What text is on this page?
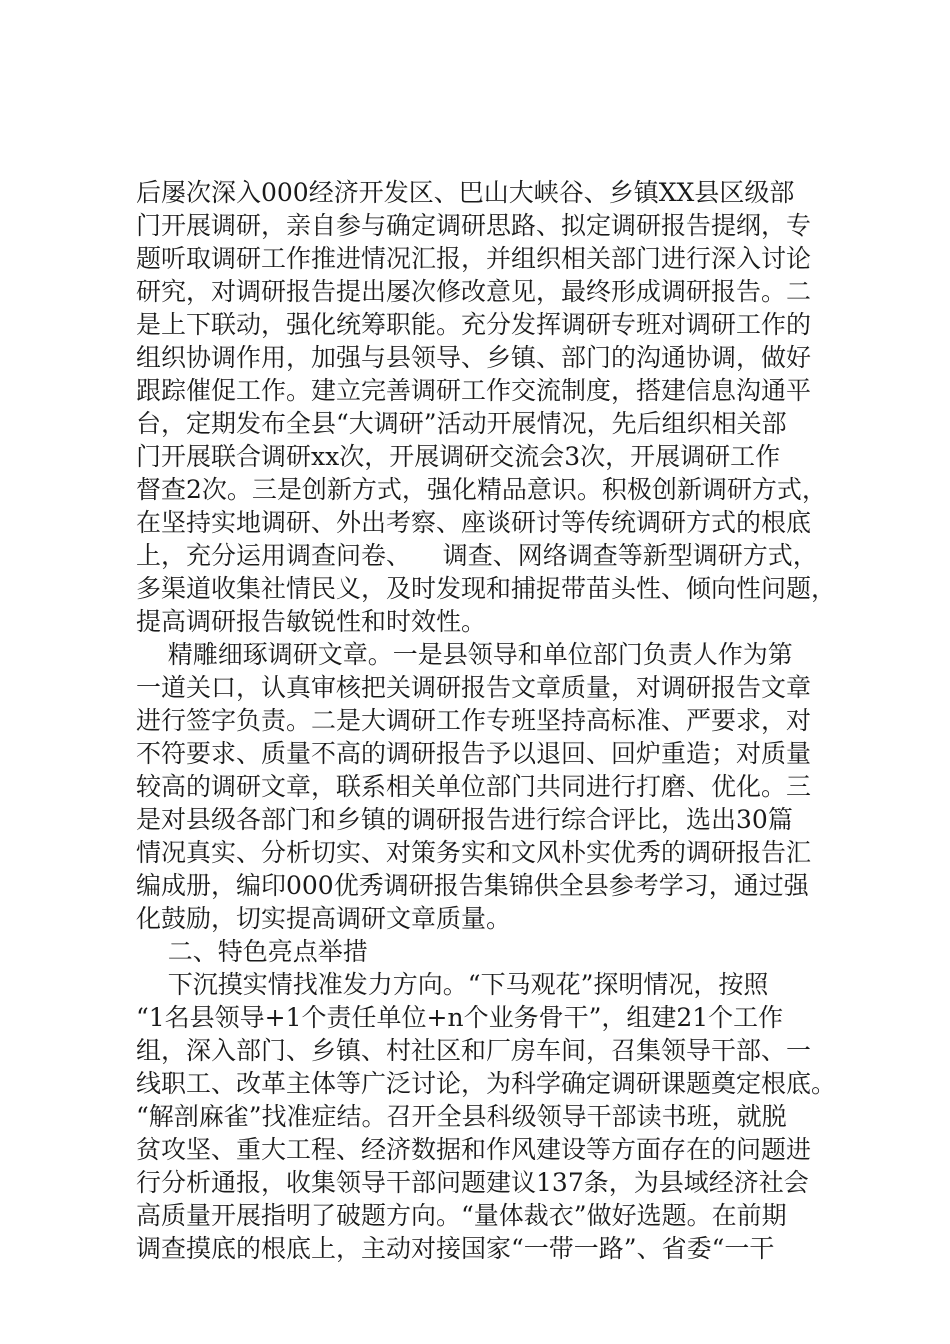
后屡次深入000经济开发区、巴山大峡谷、乡镇XX县区级部
门开展调研，亲自参与确定调研思路、拟定调研报告提纲，专
题听取调研工作推进情况汇报，并组织相关部门进行深入讨论
研究，对调研报告提出屡次修改意见，最终形成调研报告。二
是上下联动，强化统筹职能。充分发挥调研专班对调研工作的
组织协调作用，加强与县领导、乡镇、部门的沟通协调，做好
跟踪催促工作。建立完善调研工作交流制度，搭建信息沟通平
台，定期发布全县“大调研”活动开展情况，先后组织相关部
门开展联合调研xx次，开展调研交流会3次，开展调研工作
督查2次。三是创新方式，强化精品意识。积极创新调研方式，
在坚持实地调研、外出考察、座谈研讨等传统调研方式的根底
上，充分运用调查问卷、    调查、网络调查等新型调研方式，
多渠道收集社情民义，及时发现和捕捉带苗头性、倾向性问题，
提高调研报告敏锐性和时效性。
精雕细琢调研文章。一是县领导和单位部门负责人作为第
一道关口，认真审核把关调研报告文章质量，对调研报告文章
进行签字负责。二是大调研工作专班坚持高标准、严要求，对
不符要求、质量不高的调研报告予以退回、回炉重造；对质量
较高的调研文章，联系相关单位部门共同进行打磨、优化。三
是对县级各部门和乡镇的调研报告进行综合评比，选出30篇
情况真实、分析切实、对策务实和文风朴实优秀的调研报告汇
编成册，编印000优秀调研报告集锦供全县参考学习，通过强
化鼓励，切实提高调研文章质量。
二、特色亮点举措
下沉摸实情找准发力方向。“下马观花”探明情况，按照
“1名县领导+1个责任单位+n个业务骨干”，组建21个工作
组，深入部门、乡镇、村社区和厂房车间，召集领导干部、一
线职工、改革主体等广泛讨论，为科学确定调研课题奠定根底。
“解剖麻雀”找准症结。召开全县科级领导干部读书班，就脱
贫攻坚、重大工程、经济数据和作风建设等方面存在的问题进
行分析通报，收集领导干部问题建议137条，为县域经济社会
高质量开展指明了破题方向。“量体裁衣”做好选题。在前期
调查摸底的根底上，主动对接国家“一带一路”、省委“一干
